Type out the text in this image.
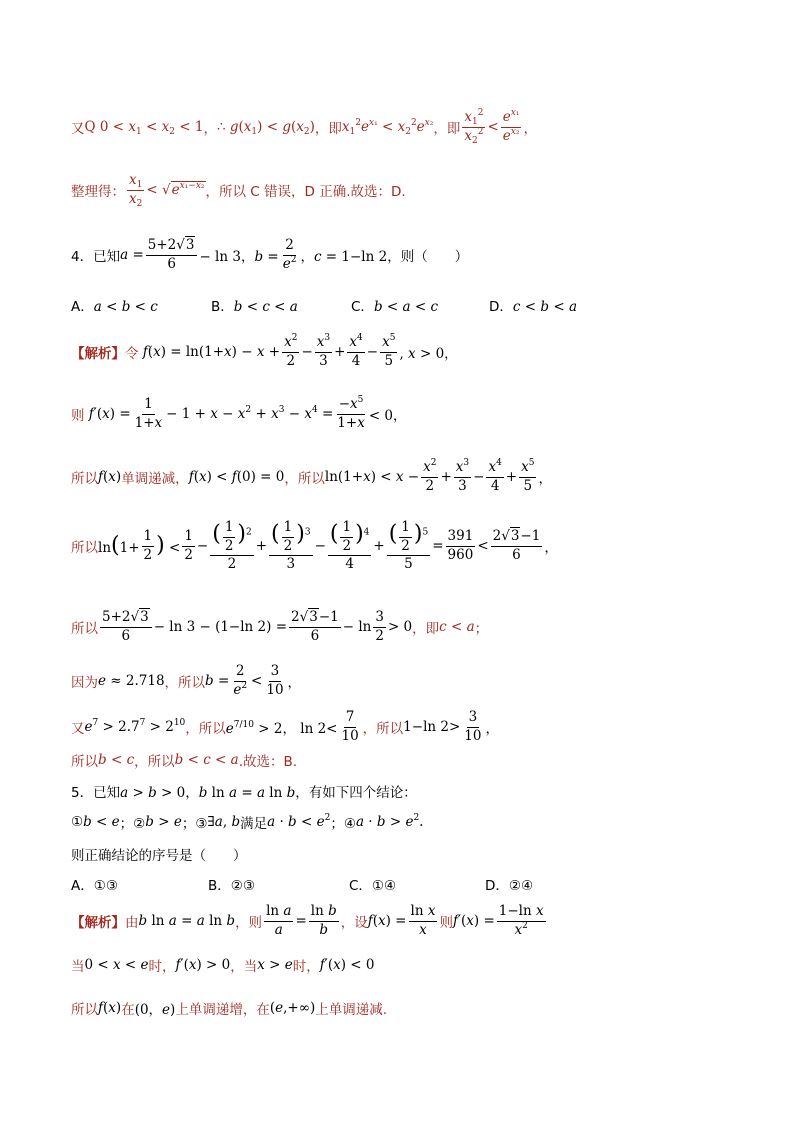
又 Q $0 < x_1 < x_2 < 1$ ， ∴ $g(x_1) < g(x_2)$ ，即 $x_1^2e^{x_1} < x_2^2e^{x_2}$ ，即
$x_1^2$
$x_2^2$ <
$e^{x_1}$
$e^{x_2}$ ，
整理得：
$x_1$
$x_2$
< $√e^{x_1-x_2}$ ，所以 C 错误，D 正确.故选：D.
4．已知 $a = \frac{5+2√3}{6} - \ln 3$，$b = \frac{2}{e^2}$ ，c = 1−ln 2 ，则（　　）
A．a < b < c	B．b < c < a	C．b < a < c	D．c < b < a
【解析】 令 $f(x) = \ln(1+x) - x + \frac{x^2}{2} - \frac{x^3}{3} + \frac{x^4}{4} - \frac{x^5}{5}$ , x > 0，
则 $f'(x) = \frac{1}{1+x} - 1 + x - x^2 + x^3 - x^4 = \frac{-x^5}{1+x} < 0$，
所以 f(x) 单调递减， f(x) < f(0) = 0 ，所以 $\ln(1+x) < x - \frac{x^2}{2} + \frac{x^3}{3} - \frac{x^4}{4} + \frac{x^5}{5}$ ，
所以 $\ln(1+ \frac{1}{2}$ ) <
1
2
− $\frac{( \frac{1}{2} )^2}{2} + \frac{( \frac{1}{2} )^3}{3} - \frac{( \frac{1}{2} )^4}{4} + \frac{( \frac{1}{2} )^5}{5} = \frac{391}{960}$ <
2√3−1
6 ，
所以
5+2√3
6
− ln 3 − (1−ln $2) = \frac{2√3-1}{6} - \ln$
3
2
> 0 ，即 c < a ；
因为 e ≈ 2.718 ，所以 $b = \frac{2}{e^2}$ <
3
10 ，
又 $e^7 > 2.7^7 > 2^{10}$ ，所以 $e^{7/10} > 2$， ln 2<
7
10 ，所以 1−ln 2>
3
10 ，
所以 b < c ，所以 b < c < a .故选：B.
5．已知 a > b > 0，b ln a = a ln b ，有如下四个结论：
① b < e ；② b > e ；③ ∃a, b 满足 $a \cdot b < e^2$ ；④ $a \cdot b > e^2$.
则正确结论的序号是（　　）
A．①③	B．②③	C．①④	D．②④
【解析】 由 b ln a = a ln b ，则 $\frac{\text{ln a}}{a} = \frac{\text{ln b}}{b}$ ，设 $f(x) = \frac{\text{ln x}}{x}$ 则 $f'(x) = \frac{\text{1−ln x}}{x^2}$
当 0 < x < e 时， f′(x) > 0 ，当 x > e 时， f′(x) < 0
所以 f(x) 在 (0，e) 上单调递增，在 (e,+∞) 上单调递减.
